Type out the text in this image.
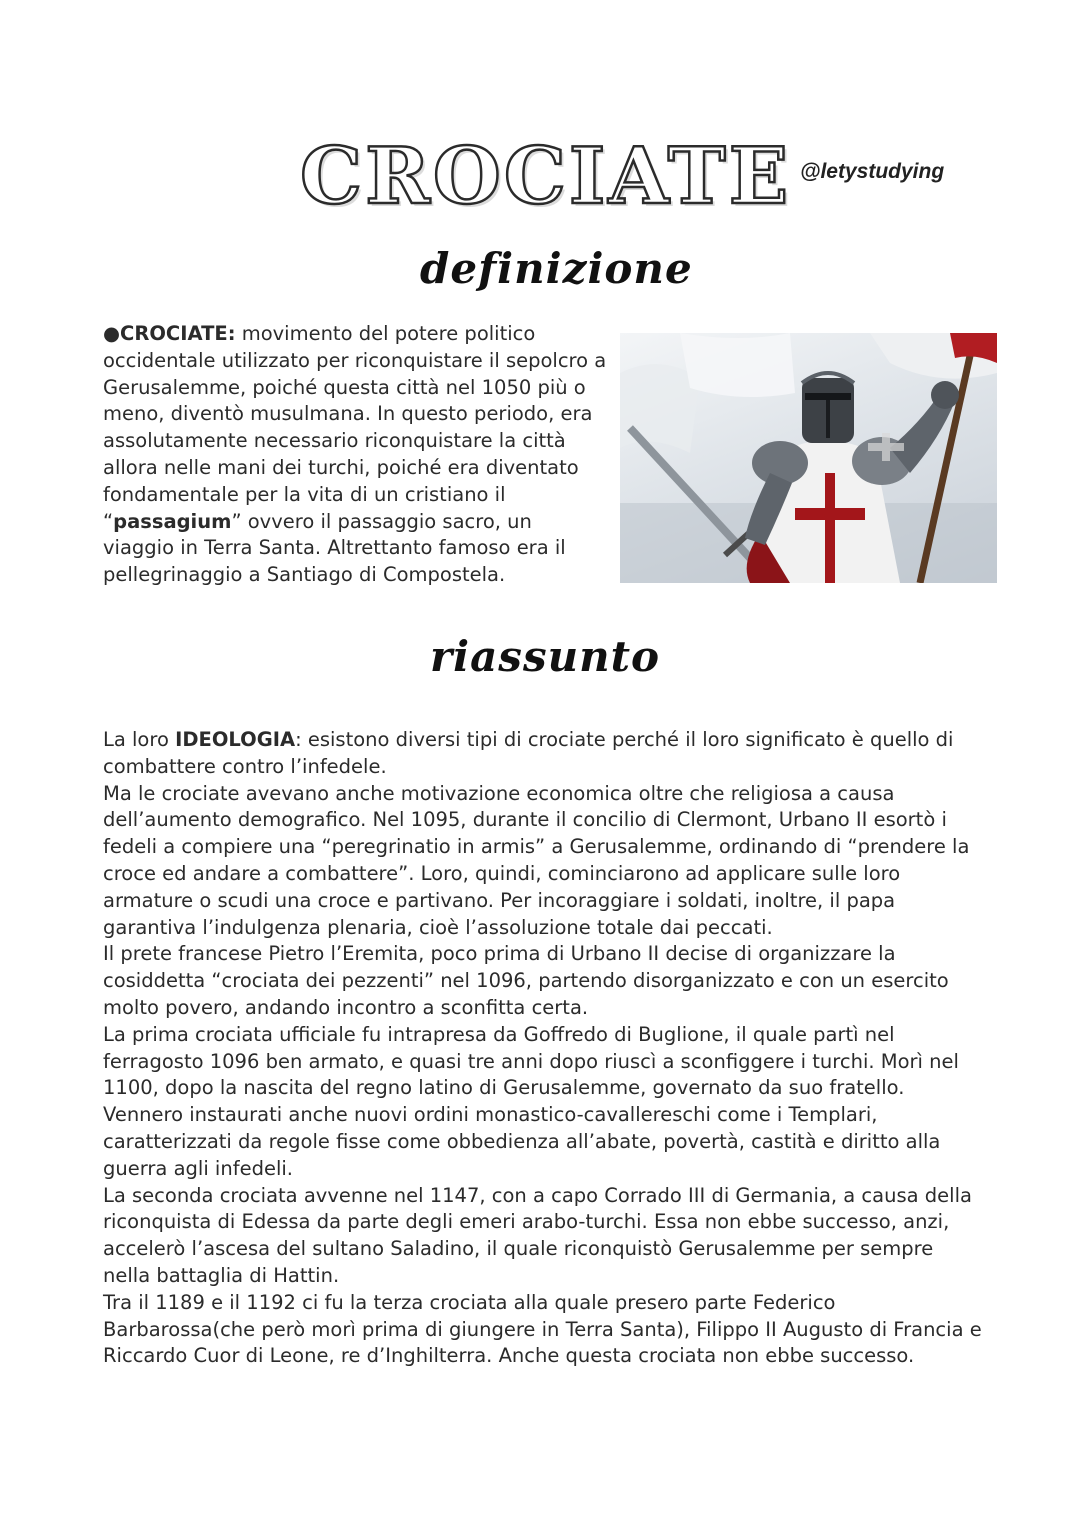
CROCIATE @letystudying
definizione

●CROCIATE: movimento del potere politico occidentale utilizzato per riconquistare il sepolcro a Gerusalemme, poiché questa città nel 1050 più o meno, diventò musulmana. In questo periodo, era assolutamente necessario riconquistare la città allora nelle mani dei turchi, poiché era diventato fondamentale per la vita di un cristiano il “passagium” ovvero il passaggio sacro, un viaggio in Terra Santa. Altrettanto famoso era il pellegrinaggio a Santiago di Compostela.

riassunto

La loro IDEOLOGIA: esistono diversi tipi di crociate perché il loro significato è quello di combattere contro l’infedele.

Ma le crociate avevano anche motivazione economica oltre che religiosa a causa dell’aumento demografico. Nel 1095, durante il concilio di Clermont, Urbano II esortò i fedeli a compiere una “peregrinatio in armis” a Gerusalemme, ordinando di “prendere la croce ed andare a combattere”. Loro, quindi, cominciarono ad applicare sulle loro armature o scudi una croce e partivano. Per incoraggiare i soldati, inoltre, il papa garantiva l’indulgenza plenaria, cioè l’assoluzione totale dai peccati.

Il prete francese Pietro l’Eremita, poco prima di Urbano II decise di organizzare la cosiddetta “crociata dei pezzenti” nel 1096, partendo disorganizzato e con un esercito molto povero, andando incontro a sconfitta certa.

La prima crociata ufficiale fu intrapresa da Goffredo di Buglione, il quale partì nel ferragosto 1096 ben armato, e quasi tre anni dopo riuscì a sconfiggere i turchi. Morì nel 1100, dopo la nascita del regno latino di Gerusalemme, governato da suo fratello. Vennero instaurati anche nuovi ordini monastico-cavallereschi come i Templari, caratterizzati da regole fisse come obbedienza all’abate, povertà, castità e diritto alla guerra agli infedeli.

La seconda crociata avvenne nel 1147, con a capo Corrado III di Germania, a causa della riconquista di Edessa da parte degli emeri arabo-turchi. Essa non ebbe successo, anzi, accelerò l’ascesa del sultano Saladino, il quale riconquistò Gerusalemme per sempre nella battaglia di Hattin.

Tra il 1189 e il 1192 ci fu la terza crociata alla quale presero parte Federico Barbarossa(che però morì prima di giungere in Terra Santa), Filippo II Augusto di Francia e Riccardo Cuor di Leone, re d’Inghilterra. Anche questa crociata non ebbe successo.
